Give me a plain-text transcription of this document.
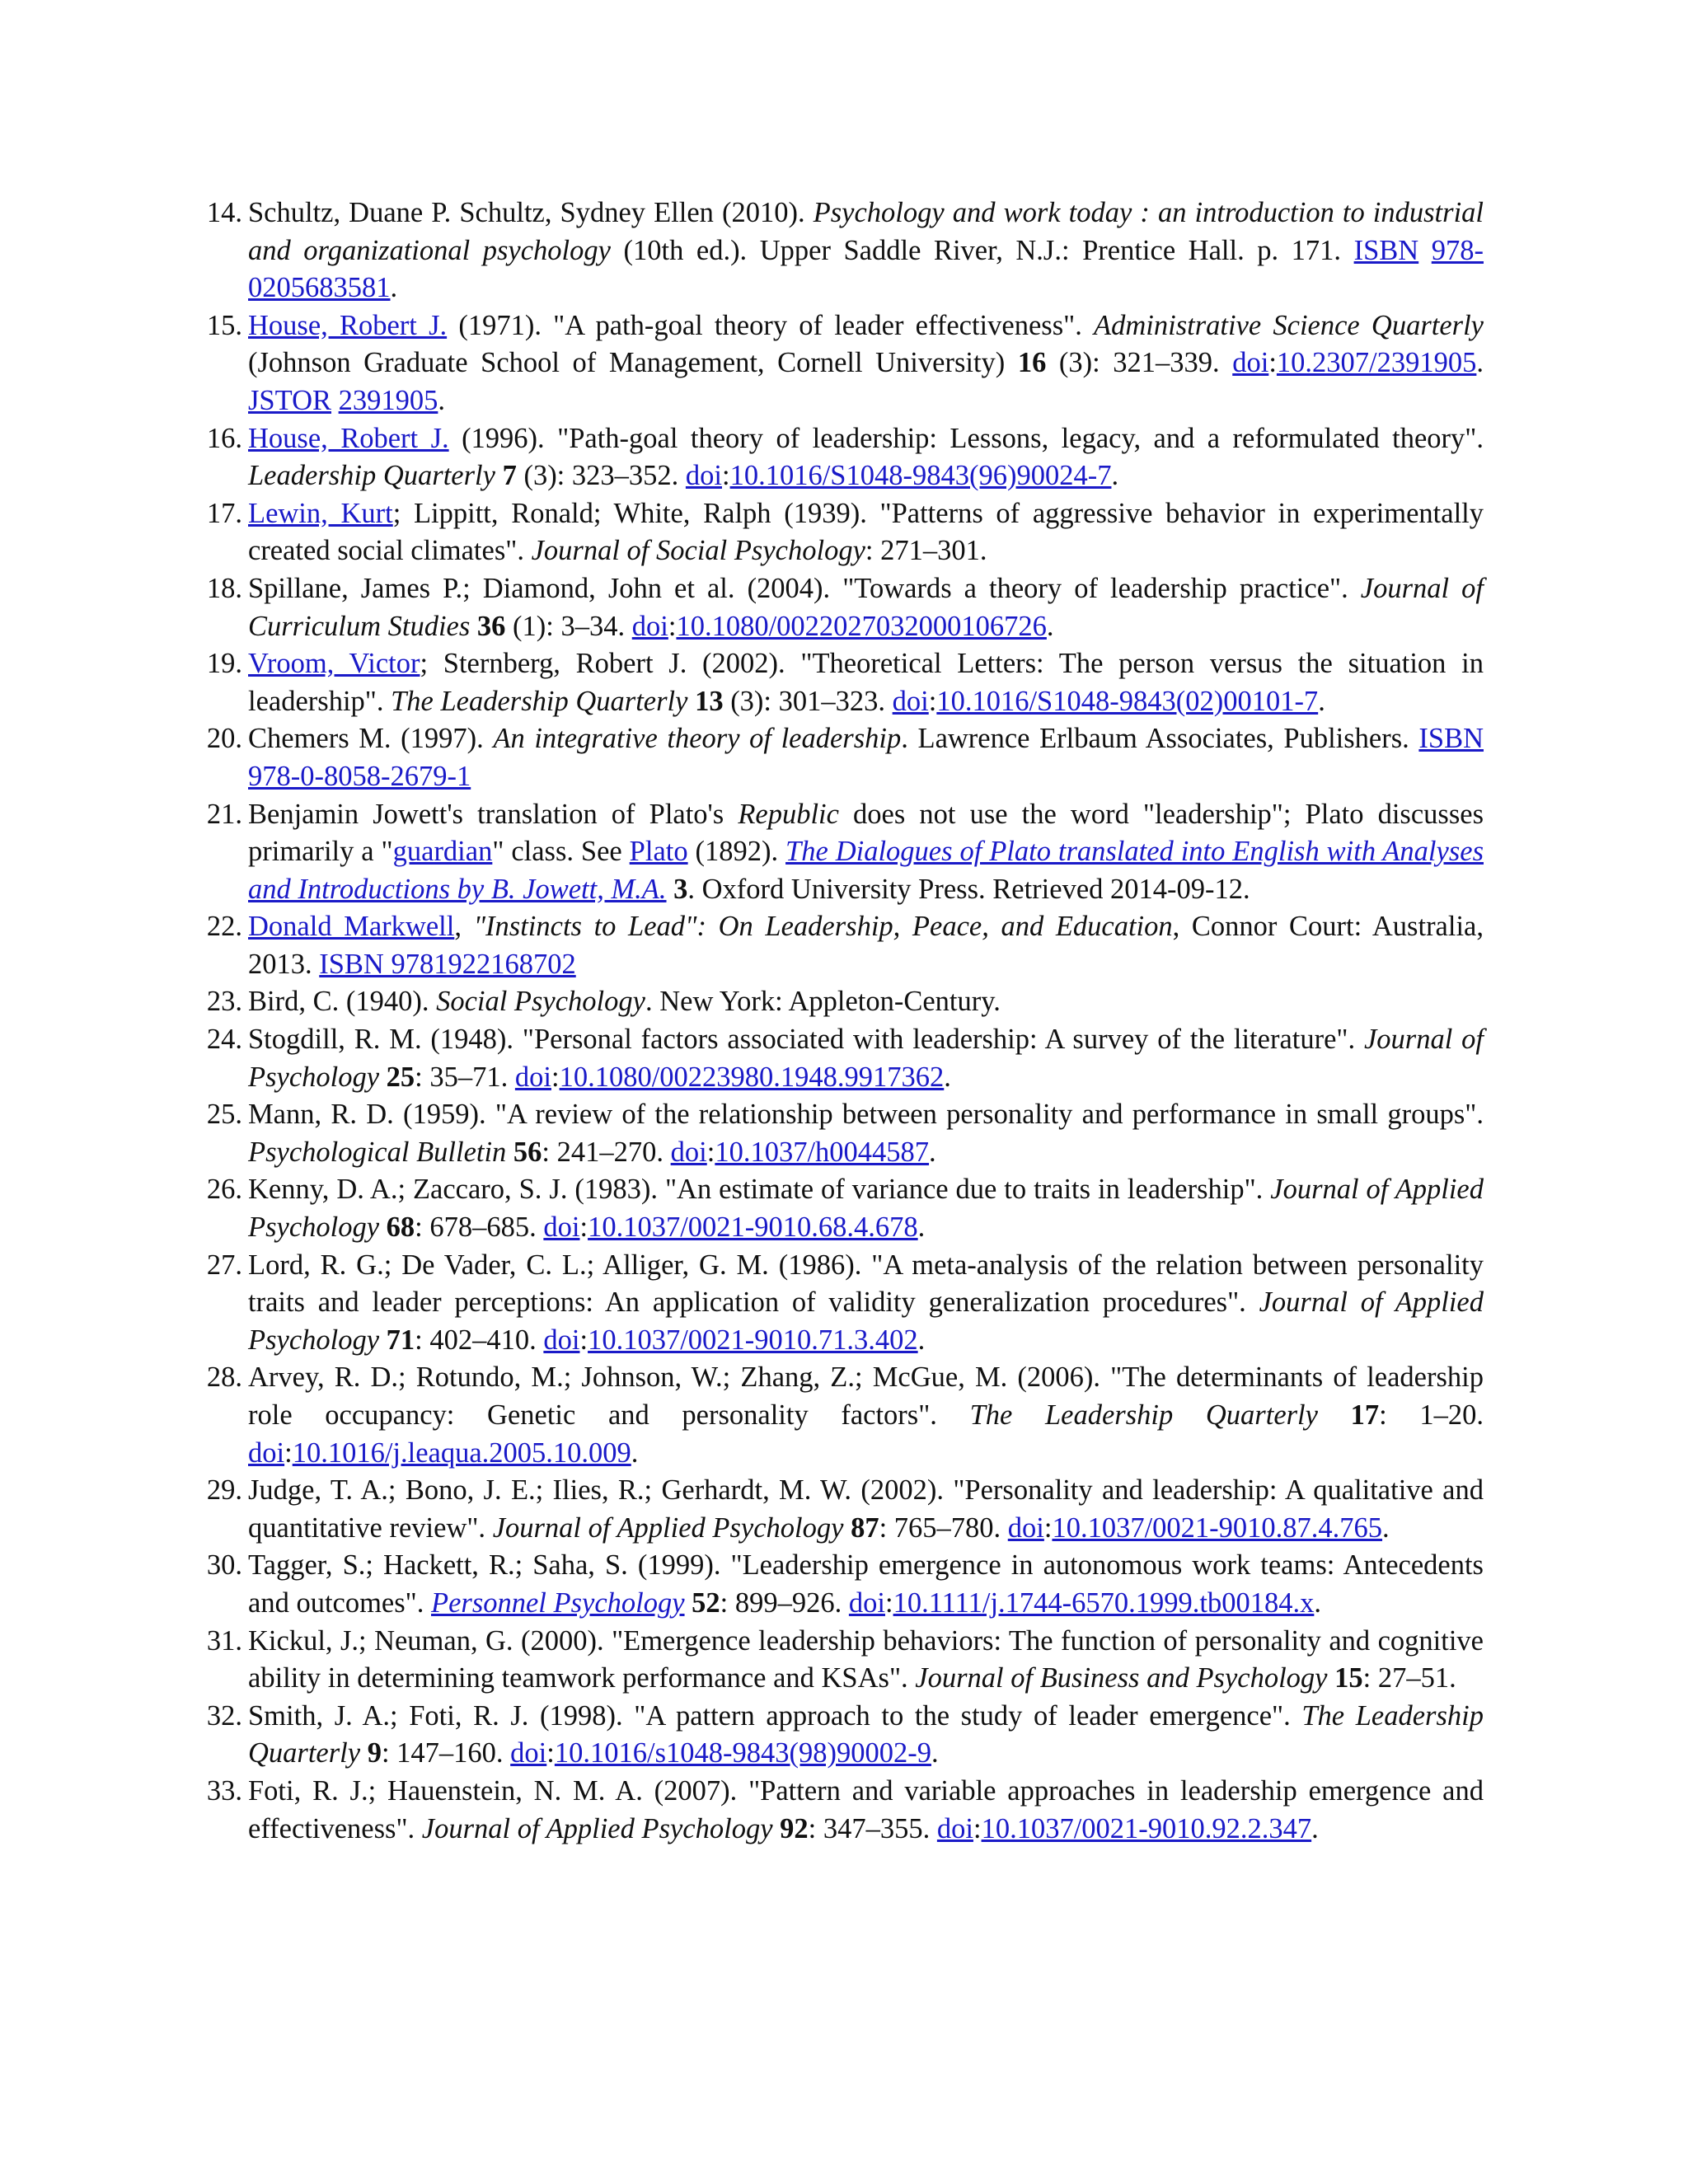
14. Schultz, Duane P. Schultz, Sydney Ellen (2010). Psychology and work today : an introduction to industrial and organizational psychology (10th ed.). Upper Saddle River, N.J.: Prentice Hall. p. 171. ISBN 978-0205683581.
15. House, Robert J. (1971). "A path-goal theory of leader effectiveness". Administrative Science Quarterly (Johnson Graduate School of Management, Cornell University) 16 (3): 321–339. doi:10.2307/2391905. JSTOR 2391905.
16. House, Robert J. (1996). "Path-goal theory of leadership: Lessons, legacy, and a reformulated theory". Leadership Quarterly 7 (3): 323–352. doi:10.1016/S1048-9843(96)90024-7.
17. Lewin, Kurt; Lippitt, Ronald; White, Ralph (1939). "Patterns of aggressive behavior in experimentally created social climates". Journal of Social Psychology: 271–301.
18. Spillane, James P.; Diamond, John et al. (2004). "Towards a theory of leadership practice". Journal of Curriculum Studies 36 (1): 3–34. doi:10.1080/0022027032000106726.
19. Vroom, Victor; Sternberg, Robert J. (2002). "Theoretical Letters: The person versus the situation in leadership". The Leadership Quarterly 13 (3): 301–323. doi:10.1016/S1048-9843(02)00101-7.
20. Chemers M. (1997). An integrative theory of leadership. Lawrence Erlbaum Associates, Publishers. ISBN 978-0-8058-2679-1
21. Benjamin Jowett's translation of Plato's Republic does not use the word "leadership"; Plato discusses primarily a "guardian" class. See Plato (1892). The Dialogues of Plato translated into English with Analyses and Introductions by B. Jowett, M.A. 3. Oxford University Press. Retrieved 2014-09-12.
22. Donald Markwell, "Instincts to Lead": On Leadership, Peace, and Education, Connor Court: Australia, 2013. ISBN 9781922168702
23. Bird, C. (1940). Social Psychology. New York: Appleton-Century.
24. Stogdill, R. M. (1948). "Personal factors associated with leadership: A survey of the literature". Journal of Psychology 25: 35–71. doi:10.1080/00223980.1948.9917362.
25. Mann, R. D. (1959). "A review of the relationship between personality and performance in small groups". Psychological Bulletin 56: 241–270. doi:10.1037/h0044587.
26. Kenny, D. A.; Zaccaro, S. J. (1983). "An estimate of variance due to traits in leadership". Journal of Applied Psychology 68: 678–685. doi:10.1037/0021-9010.68.4.678.
27. Lord, R. G.; De Vader, C. L.; Alliger, G. M. (1986). "A meta-analysis of the relation between personality traits and leader perceptions: An application of validity generalization procedures". Journal of Applied Psychology 71: 402–410. doi:10.1037/0021-9010.71.3.402.
28. Arvey, R. D.; Rotundo, M.; Johnson, W.; Zhang, Z.; McGue, M. (2006). "The determinants of leadership role occupancy: Genetic and personality factors". The Leadership Quarterly 17: 1–20. doi:10.1016/j.leaqua.2005.10.009.
29. Judge, T. A.; Bono, J. E.; Ilies, R.; Gerhardt, M. W. (2002). "Personality and leadership: A qualitative and quantitative review". Journal of Applied Psychology 87: 765–780. doi:10.1037/0021-9010.87.4.765.
30. Tagger, S.; Hackett, R.; Saha, S. (1999). "Leadership emergence in autonomous work teams: Antecedents and outcomes". Personnel Psychology 52: 899–926. doi:10.1111/j.1744-6570.1999.tb00184.x.
31. Kickul, J.; Neuman, G. (2000). "Emergence leadership behaviors: The function of personality and cognitive ability in determining teamwork performance and KSAs". Journal of Business and Psychology 15: 27–51.
32. Smith, J. A.; Foti, R. J. (1998). "A pattern approach to the study of leader emergence". The Leadership Quarterly 9: 147–160. doi:10.1016/s1048-9843(98)90002-9.
33. Foti, R. J.; Hauenstein, N. M. A. (2007). "Pattern and variable approaches in leadership emergence and effectiveness". Journal of Applied Psychology 92: 347–355. doi:10.1037/0021-9010.92.2.347.
